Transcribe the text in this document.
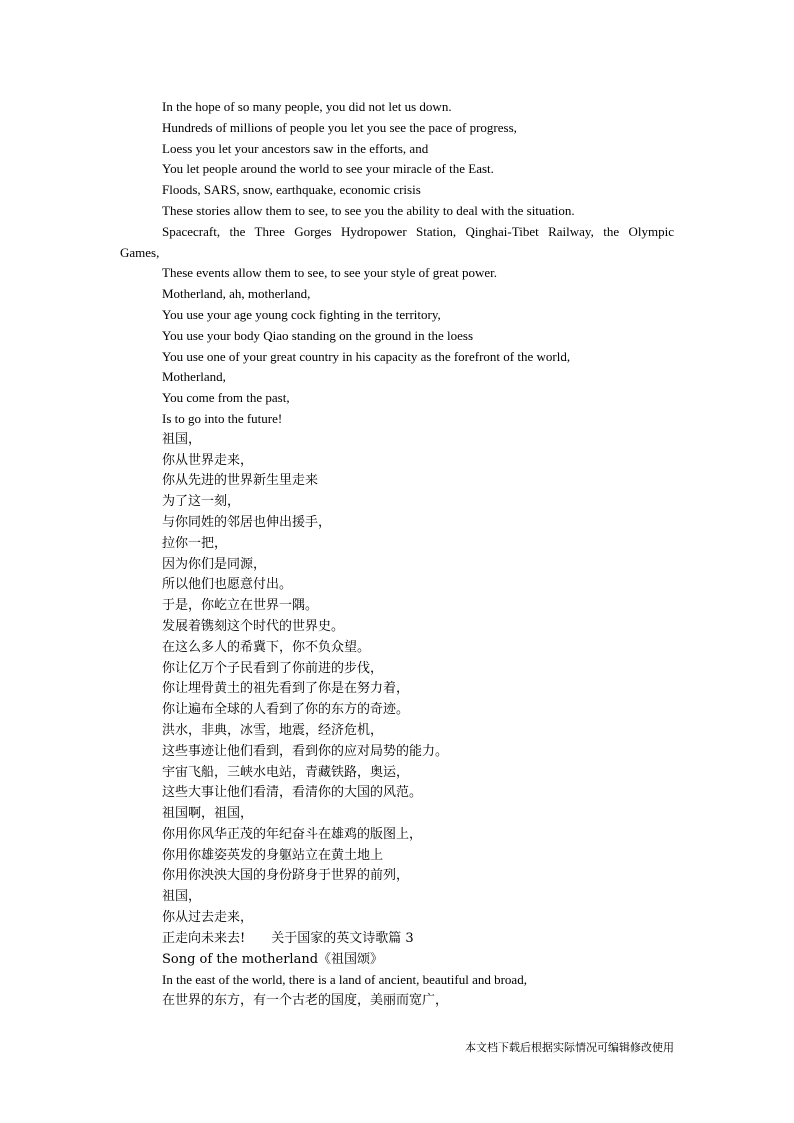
In the hope of so many people, you did not let us down.

Hundreds of millions of people you let you see the pace of progress,

Loess you let your ancestors saw in the efforts, and

You let people around the world to see your miracle of the East.

Floods, SARS, snow, earthquake, economic crisis

These stories allow them to see, to see you the ability to deal with the situation.

Spacecraft, the Three Gorges Hydropower Station, Qinghai-Tibet Railway, the Olympic

Games,

These events allow them to see, to see your style of great power.

Motherland, ah, motherland,

You use your age young cock fighting in the territory,

You use your body Qiao standing on the ground in the loess

You use one of your great country in his capacity as the forefront of the world,

Motherland,

You come from the past,

Is to go into the future!

祖国，

你从世界走来，

你从先进的世界新生里走来

为了这一刻，

与你同姓的邻居也伸出援手，

拉你一把，

因为你们是同源，

所以他们也愿意付出。

于是，你屹立在世界一隅。

发展着镌刻这个时代的世界史。

在这么多人的希冀下，你不负众望。

你让亿万个子民看到了你前进的步伐，

你让埋骨黄土的祖先看到了你是在努力着，

你让遍布全球的人看到了你的东方的奇迹。

洪水，非典，冰雪，地震，经济危机，

这些事迹让他们看到，看到你的应对局势的能力。

宇宙飞船，三峡水电站，青藏铁路，奥运，

这些大事让他们看清，看清你的大国的风范。

祖国啊，祖国，

你用你风华正茂的年纪奋斗在雄鸡的版图上，

你用你雄姿英发的身躯站立在黄土地上

你用你泱泱大国的身份跻身于世界的前列，

祖国，

你从过去走来，

正走向未来去! 关于国家的英文诗歌篇 3

Song of the motherland《祖国颂》

In the east of the world, there is a land of ancient, beautiful and broad,

在世界的东方，有一个古老的国度，美丽而宽广，

本文档下载后根据实际情况可编辑修改使用
